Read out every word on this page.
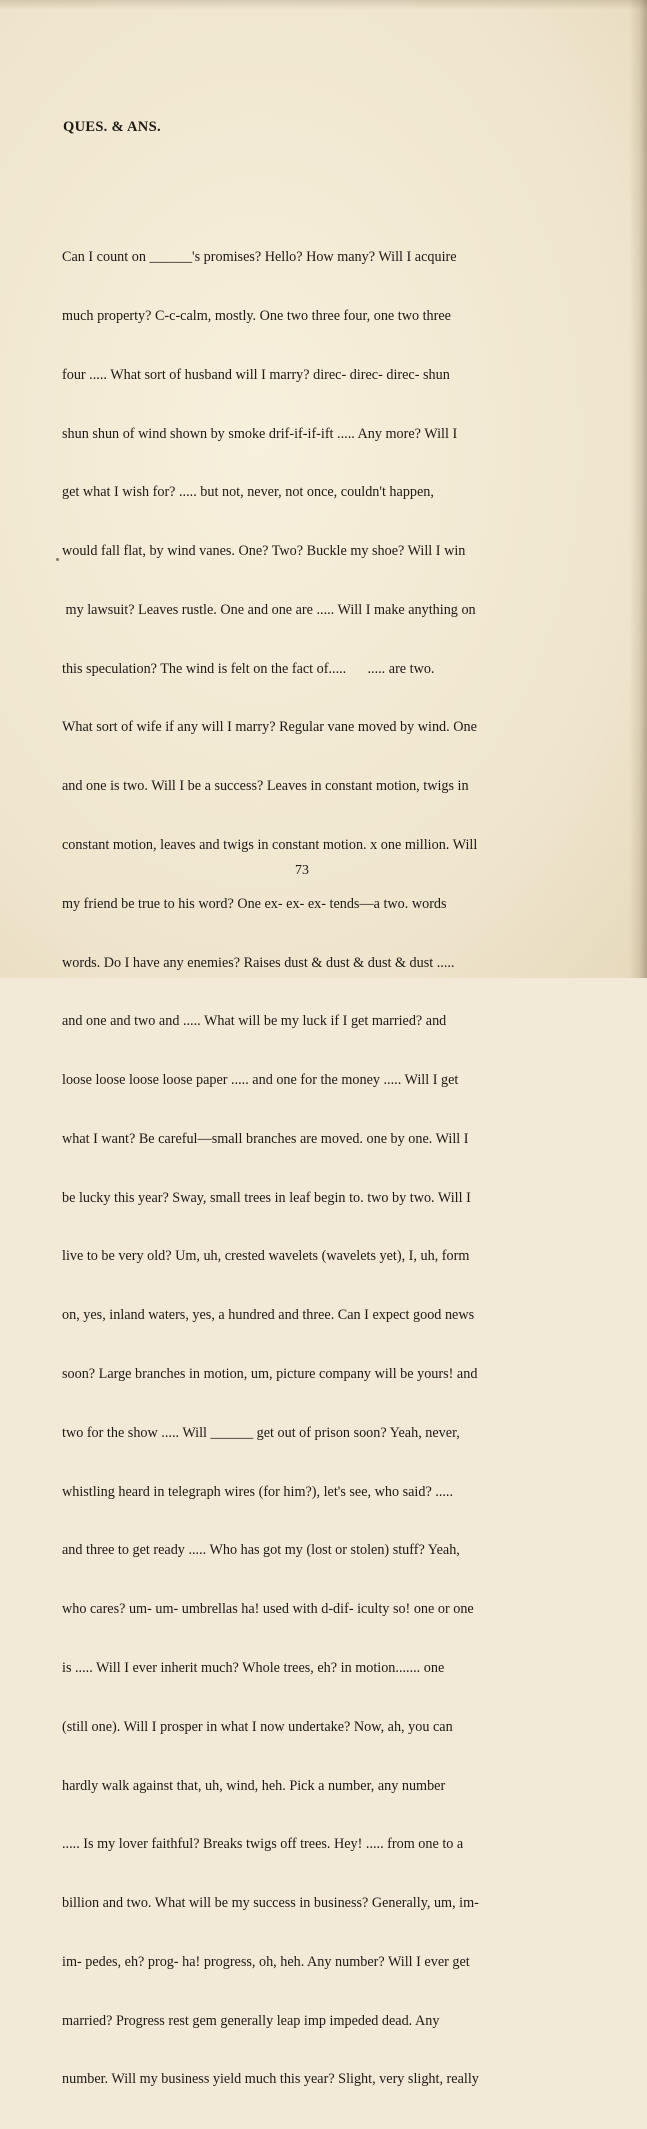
QUES. & ANS.

Can I count on ______'s promises? Hello? How many? Will I acquire

much property? C-c-calm, mostly. One two three four, one two three

four ..... What sort of husband will I marry? direc- direc- direc- shun

shun shun of wind shown by smoke drif-if-if-ift ..... Any more? Will I

get what I wish for? ..... but not, never, not once, couldn't happen,

would fall flat, by wind vanes. One? Two? Buckle my shoe? Will I win

my lawsuit? Leaves rustle. One and one are ..... Will I make anything on

this speculation? The wind is felt on the fact of.....      ..... are two.

What sort of wife if any will I marry? Regular vane moved by wind. One

and one is two. Will I be a success? Leaves in constant motion, twigs in

constant motion, leaves and twigs in constant motion. x one million. Will

my friend be true to his word? One ex- ex- ex- tends—a two. words

words. Do I have any enemies? Raises dust & dust & dust & dust .....

and one and two and ..... What will be my luck if I get married? and

loose loose loose loose paper ..... and one for the money ..... Will I get

what I want? Be careful—small branches are moved. one by one. Will I

be lucky this year? Sway, small trees in leaf begin to. two by two. Will I

live to be very old? Um, uh, crested wavelets (wavelets yet), I, uh, form

on, yes, inland waters, yes, a hundred and three. Can I expect good news

soon? Large branches in motion, um, picture company will be yours! and

two for the show ..... Will ______ get out of prison soon? Yeah, never,

whistling heard in telegraph wires (for him?), let's see, who said? .....

and three to get ready ..... Who has got my (lost or stolen) stuff? Yeah,

who cares? um- um- umbrellas ha! used with d-dif- iculty so! one or one

is ..... Will I ever inherit much? Whole trees, eh? in motion....... one

(still one). Will I prosper in what I now undertake? Now, ah, you can

hardly walk against that, uh, wind, heh. Pick a number, any number

..... Is my lover faithful? Breaks twigs off trees. Hey! ..... from one to a

billion and two. What will be my success in business? Generally, um, im-

im- pedes, eh? prog- ha! progress, oh, heh. Any number? Will I ever get

married? Progress rest gem generally leap imp impeded dead. Any

number. Will my business yield much this year? Slight, very slight, really

73
